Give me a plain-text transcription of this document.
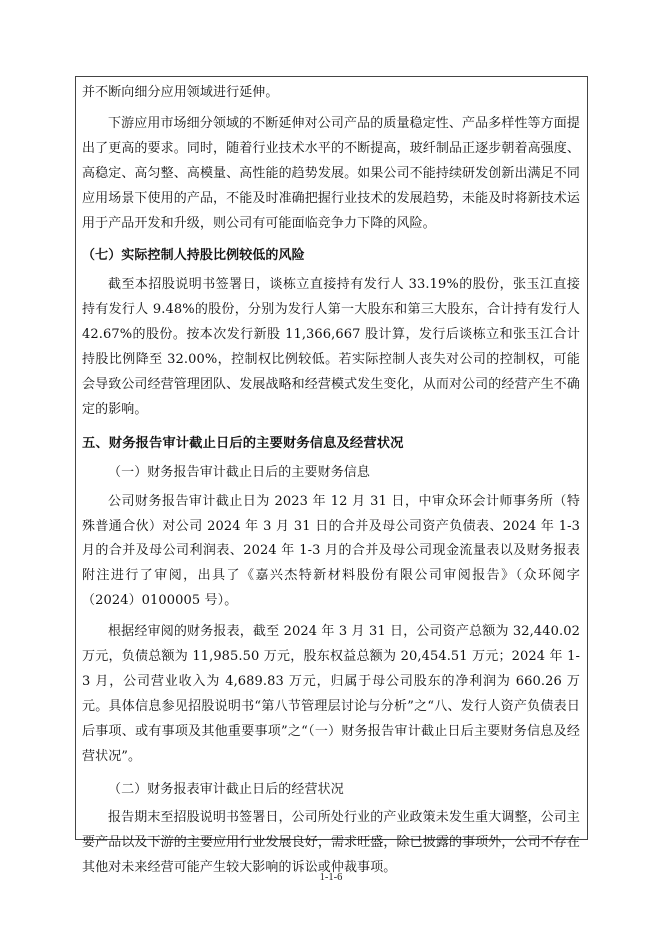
并不断向细分应用领域进行延伸。

下游应用市场细分领域的不断延伸对公司产品的质量稳定性、产品多样性等方面提出了更高的要求。同时，随着行业技术水平的不断提高，玻纤制品正逐步朝着高强度、高稳定、高匀整、高模量、高性能的趋势发展。如果公司不能持续研发创新出满足不同应用场景下使用的产品，不能及时准确把握行业技术的发展趋势，未能及时将新技术运用于产品开发和升级，则公司有可能面临竞争力下降的风险。

（七）实际控制人持股比例较低的风险

截至本招股说明书签署日，谈栋立直接持有发行人 33.19%的股份，张玉江直接持有发行人 9.48%的股份，分别为发行人第一大股东和第三大股东，合计持有发行人42.67%的股份。按本次发行新股 11,366,667 股计算，发行后谈栋立和张玉江合计持股比例降至 32.00%，控制权比例较低。若实际控制人丧失对公司的控制权，可能会导致公司经营管理团队、发展战略和经营模式发生变化，从而对公司的经营产生不确定的影响。

五、财务报告审计截止日后的主要财务信息及经营状况

（一）财务报告审计截止日后的主要财务信息

公司财务报告审计截止日为 2023 年 12 月 31 日，中审众环会计师事务所（特殊普通合伙）对公司 2024 年 3 月 31 日的合并及母公司资产负债表、2024 年 1-3 月的合并及母公司利润表、2024 年 1-3 月的合并及母公司现金流量表以及财务报表附注进行了审阅，出具了《嘉兴杰特新材料股份有限公司审阅报告》（众环阅字（2024）0100005 号）。

根据经审阅的财务报表，截至 2024 年 3 月 31 日，公司资产总额为 32,440.02 万元，负债总额为 11,985.50 万元，股东权益总额为 20,454.51 万元；2024 年 1-3 月，公司营业收入为 4,689.83 万元，归属于母公司股东的净利润为 660.26 万元。具体信息参见招股说明书“第八节管理层讨论与分析”之“八、发行人资产负债表日后事项、或有事项及其他重要事项”之“（一）财务报告审计截止日后主要财务信息及经营状况”。

（二）财务报表审计截止日后的经营状况

报告期末至招股说明书签署日，公司所处行业的产业政策未发生重大调整，公司主要产品以及下游的主要应用行业发展良好，需求旺盛，除已披露的事项外，公司不存在其他对未来经营可能产生较大影响的诉讼或仲裁事项。

1-1-6
